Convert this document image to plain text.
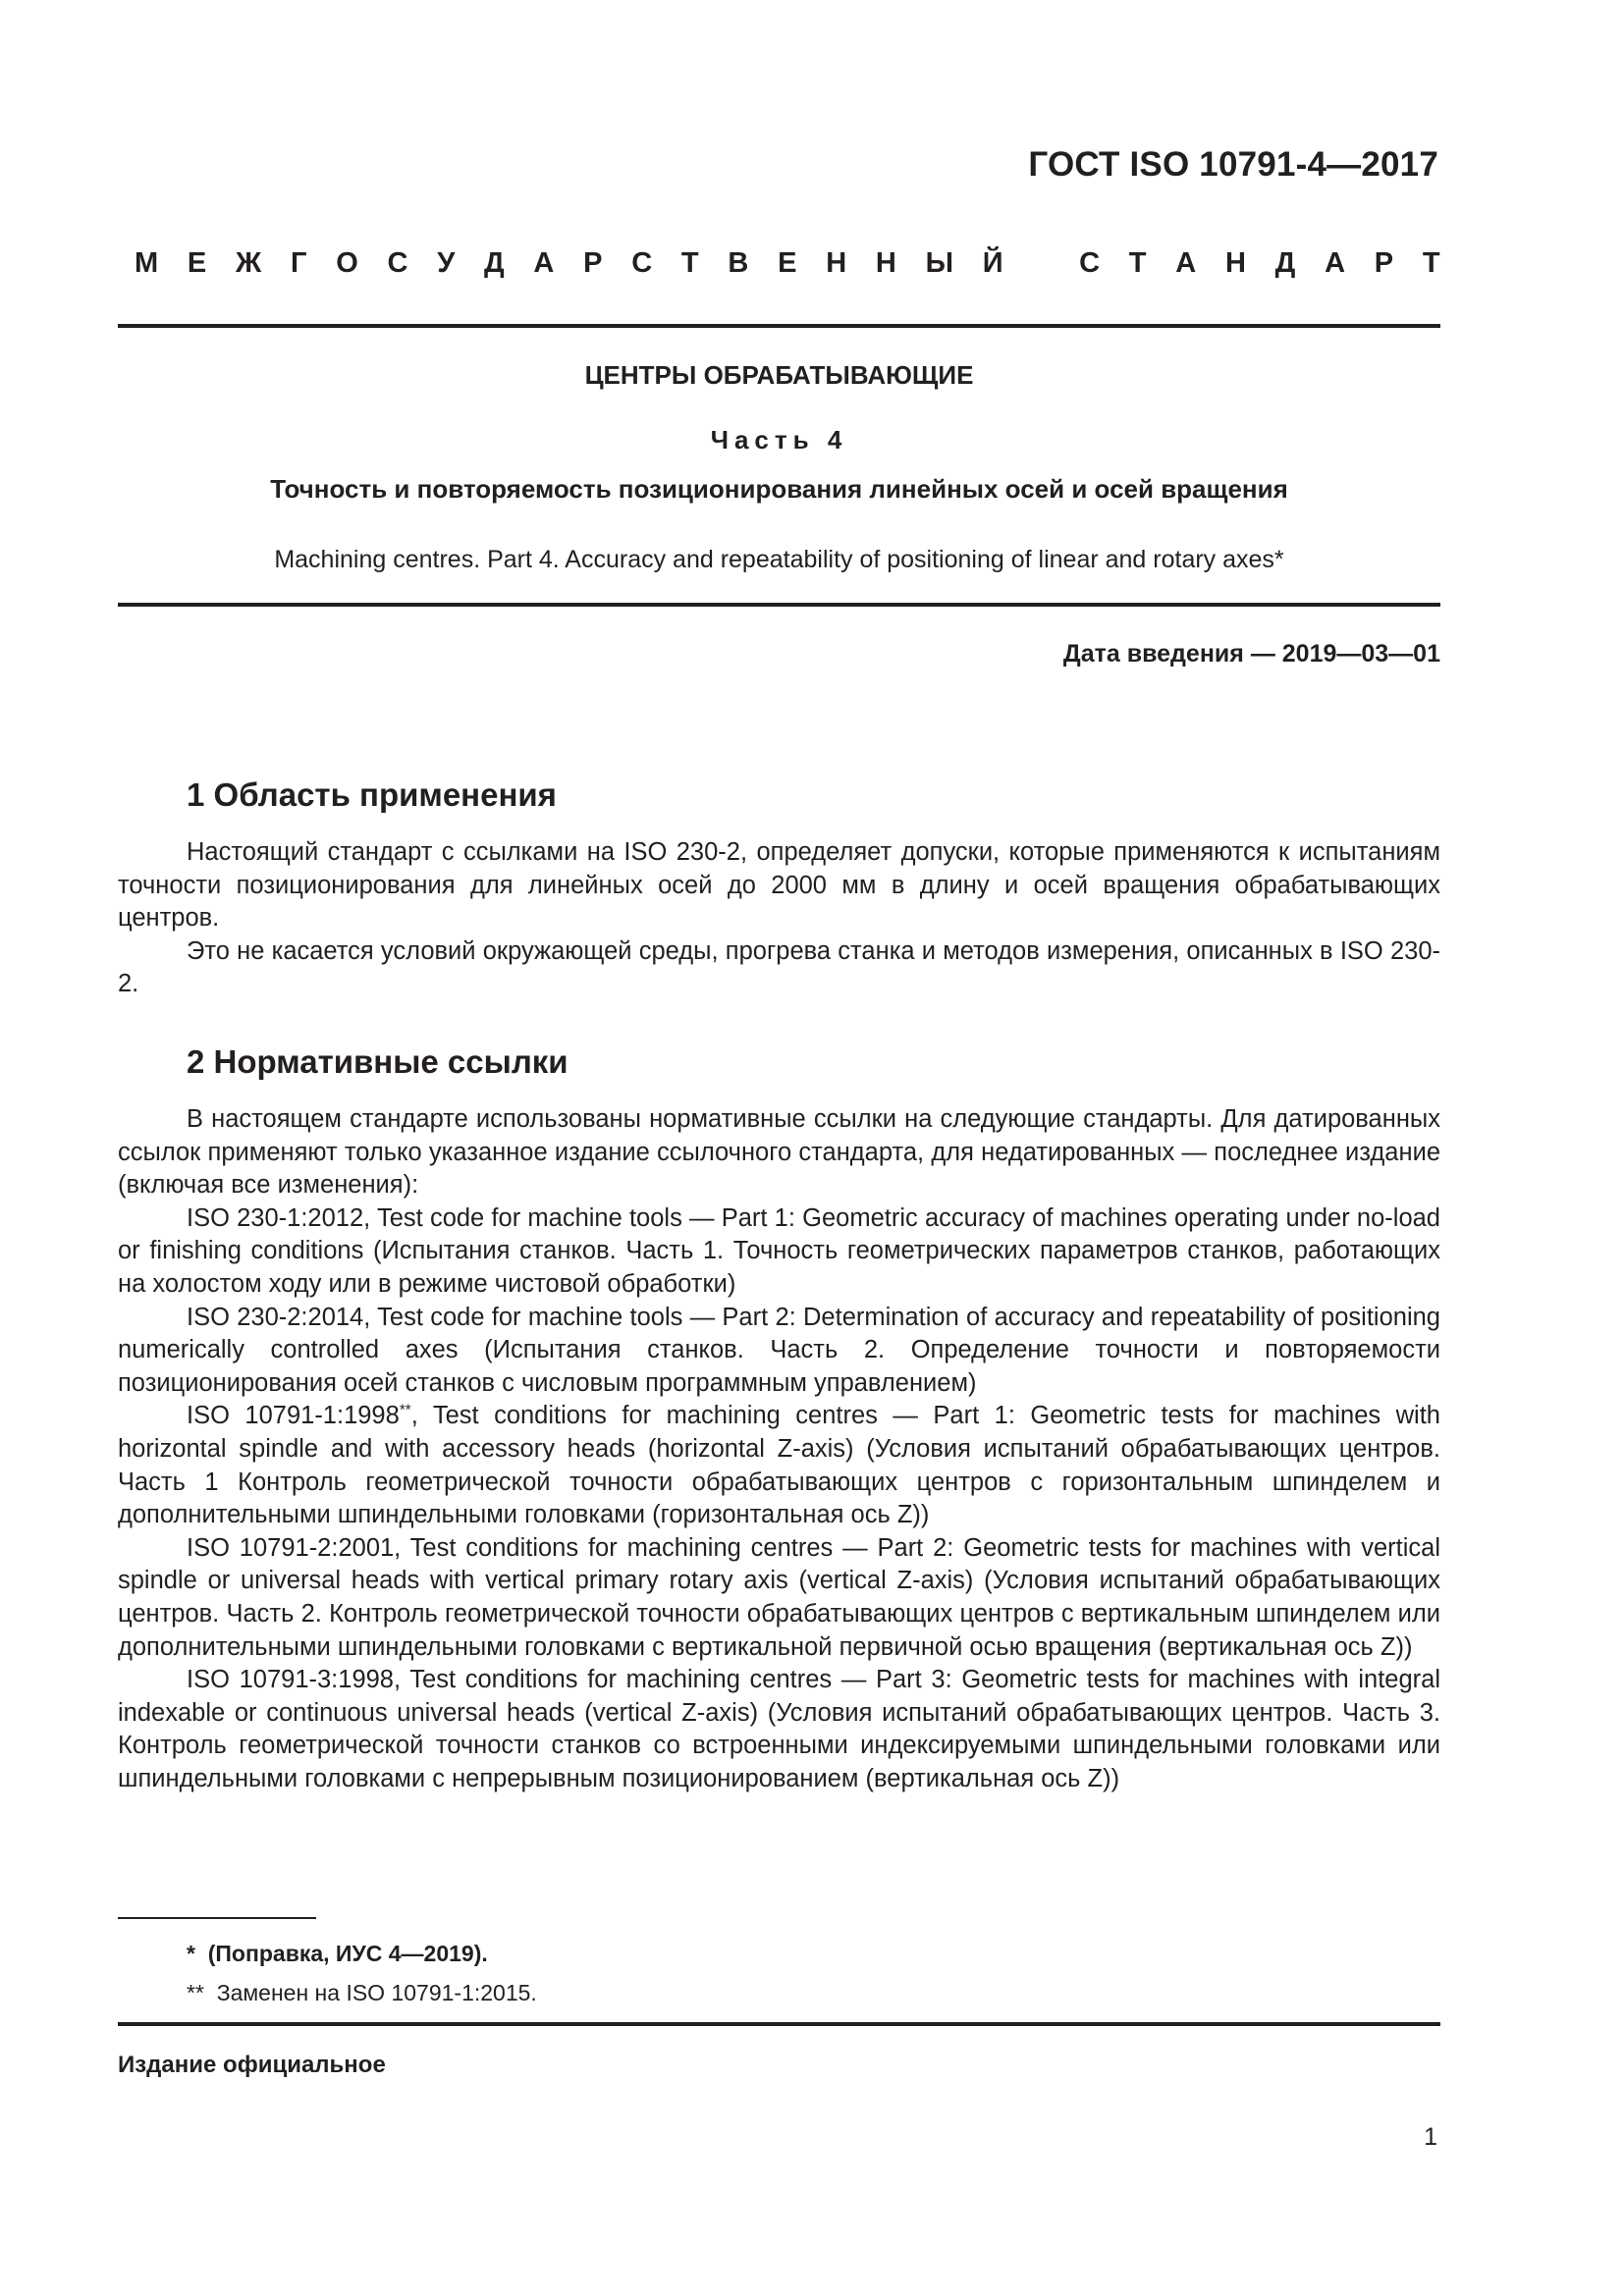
ГОСТ ISO 10791-4—2017
М Е Ж Г О С У Д А Р С Т В Е Н Н Ы Й	С Т А Н Д А Р Т
ЦЕНТРЫ ОБРАБАТЫВАЮЩИЕ
Часть 4
Точность и повторяемость позиционирования линейных осей и осей вращения
Machining centres. Part 4. Accuracy and repeatability of positioning of linear and rotary axes*
Дата введения — 2019—03—01
1 Область применения

Настоящий стандарт с ссылками на ISO 230-2, определяет допуски, которые применяются к испытаниям точности позиционирования для линейных осей до 2000 мм в длину и осей вращения обрабатывающих центров.

Это не касается условий окружающей среды, прогрева станка и методов измерения, описанных в ISO 230-2.

2 Нормативные ссылки

В настоящем стандарте использованы нормативные ссылки на следующие стандарты. Для датированных ссылок применяют только указанное издание ссылочного стандарта, для недатированных — последнее издание (включая все изменения):

ISO 230-1:2012, Test code for machine tools — Part 1: Geometric accuracy of machines operating under no-load or finishing conditions (Испытания станков. Часть 1. Точность геометрических параметров станков, работающих на холостом ходу или в режиме чистовой обработки)

ISO 230-2:2014, Test code for machine tools — Part 2: Determination of accuracy and repeatability of positioning numerically controlled axes (Испытания станков. Часть 2. Определение точности и повторяемости позиционирования осей станков с числовым программным управлением)

ISO 10791-1:1998**, Test conditions for machining centres — Part 1: Geometric tests for machines with horizontal spindle and with accessory heads (horizontal Z-axis) (Условия испытаний обрабатывающих центров. Часть 1 Контроль геометрической точности обрабатывающих центров с горизонтальным шпинделем и дополнительными шпиндельными головками (горизонтальная ось Z))

ISO 10791-2:2001, Test conditions for machining centres — Part 2: Geometric tests for machines with vertical spindle or universal heads with vertical primary rotary axis (vertical Z-axis) (Условия испытаний обрабатывающих центров. Часть 2. Контроль геометрической точности обрабатывающих центров с вертикальным шпинделем или дополнительными шпиндельными головками с вертикальной первичной осью вращения (вертикальная ось Z))

ISO 10791-3:1998, Test conditions for machining centres — Part 3: Geometric tests for machines with integral indexable or continuous universal heads (vertical Z-axis) (Условия испытаний обрабатывающих центров. Часть 3. Контроль геометрической точности станков со встроенными индексируемыми шпиндельными головками или шпиндельными головками с непрерывным позиционированием (вертикальная ось Z))

* (Поправка, ИУС 4—2019).
** Заменен на ISO 10791-1:2015.
Издание официальное
1
